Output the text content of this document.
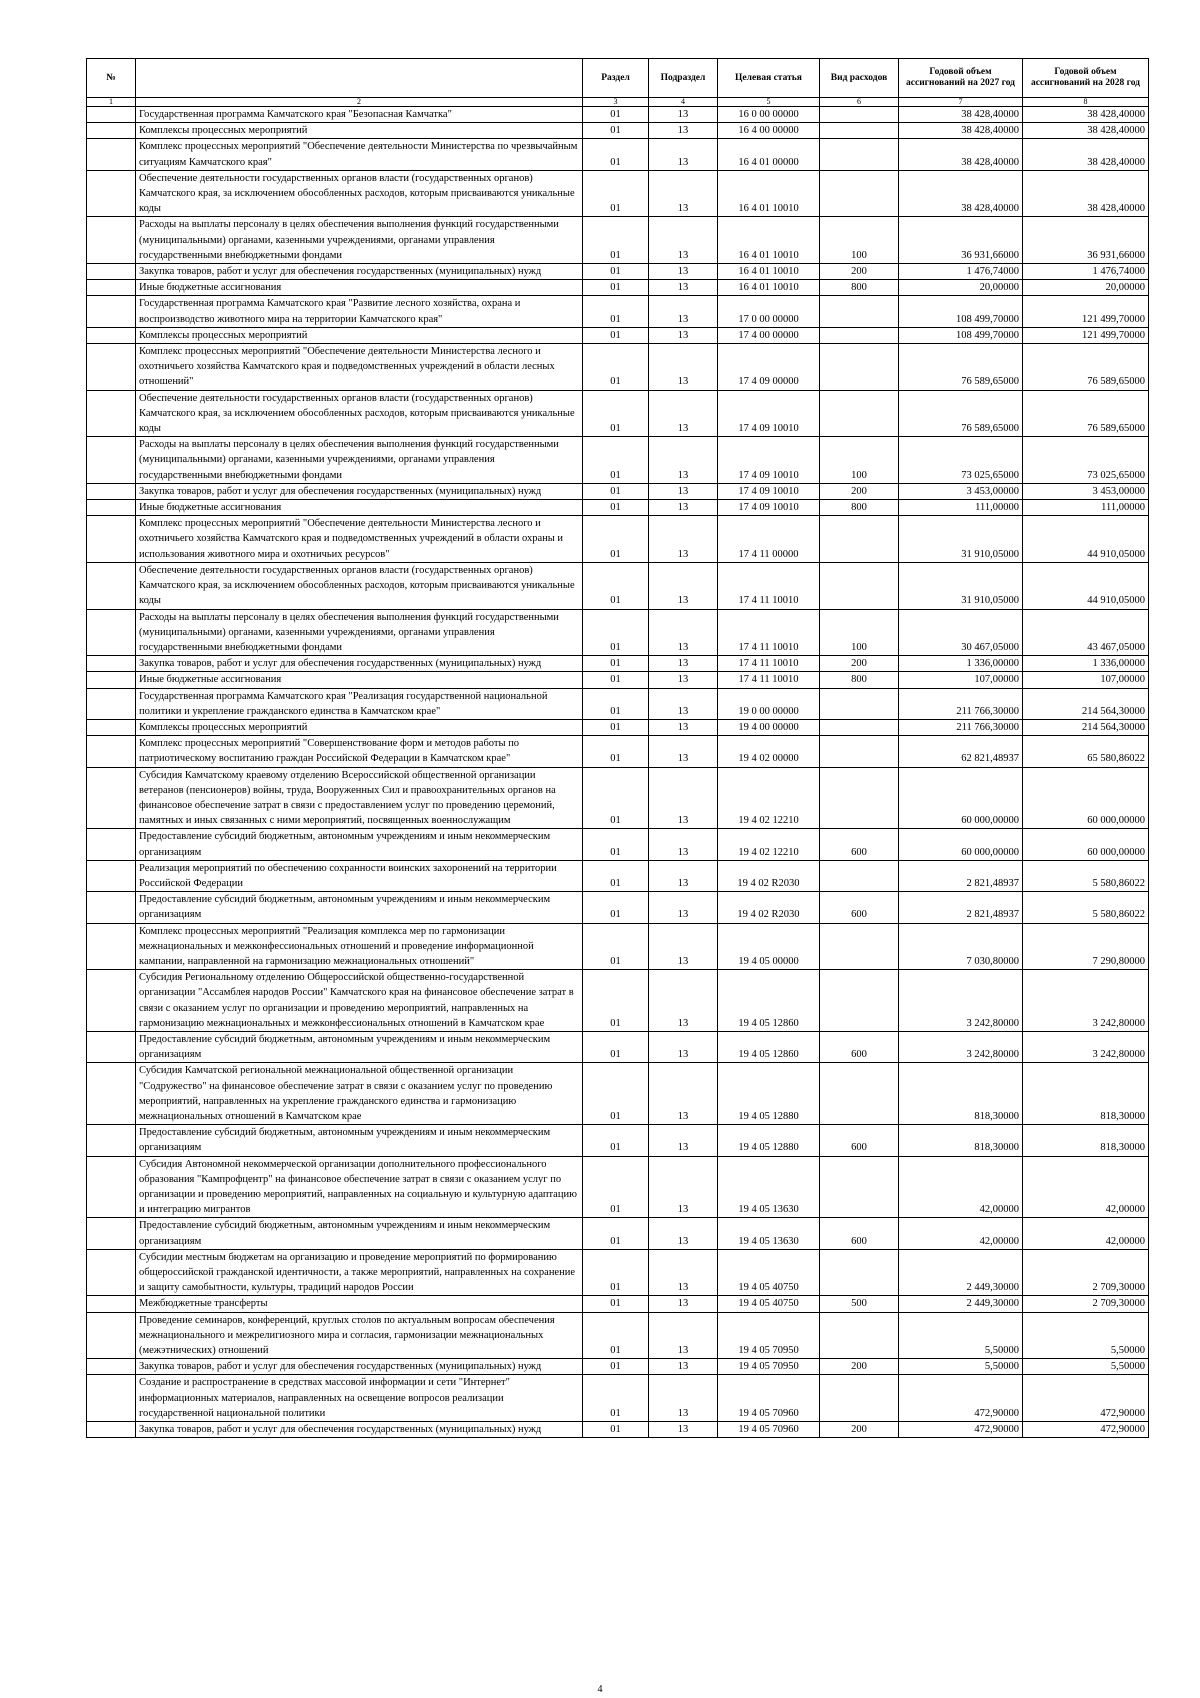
№		Раздел	Подраздел	Целевая статья	Вид расходов	Годовой объем ассигнований на 2027 год	Годовой объем ассигнований на 2028 год
1	2	3	4	5	6	7	8
	Государственная программа Камчатского края "Безопасная Камчатка"	01	13	16 0 00 00000		38 428,40000	38 428,40000
	Комплексы процессных мероприятий	01	13	16 4 00 00000		38 428,40000	38 428,40000
	Комплекс процессных мероприятий "Обеспечение деятельности Министерства по чрезвычайным ситуациям Камчатского края"	01	13	16 4 01 00000		38 428,40000	38 428,40000
	Обеспечение деятельности государственных органов власти (государственных органов) Камчатского края, за исключением обособленных расходов, которым присваиваются уникальные коды	01	13	16 4 01 10010		38 428,40000	38 428,40000
	Расходы на выплаты персоналу в целях обеспечения выполнения функций государственными (муниципальными) органами, казенными учреждениями, органами управления государственными внебюджетными фондами	01	13	16 4 01 10010	100	36 931,66000	36 931,66000
	Закупка товаров, работ и услуг для обеспечения государственных (муниципальных) нужд	01	13	16 4 01 10010	200	1 476,74000	1 476,74000
	Иные бюджетные ассигнования	01	13	16 4 01 10010	800	20,00000	20,00000
	Государственная программа Камчатского края "Развитие лесного хозяйства, охрана и воспроизводство животного мира на территории Камчатского края"	01	13	17 0 00 00000		108 499,70000	121 499,70000
	Комплексы процессных мероприятий	01	13	17 4 00 00000		108 499,70000	121 499,70000
	Комплекс процессных мероприятий "Обеспечение деятельности Министерства лесного и охотничьего хозяйства Камчатского края и подведомственных учреждений в области лесных отношений"	01	13	17 4 09 00000		76 589,65000	76 589,65000
	Обеспечение деятельности государственных органов власти (государственных органов) Камчатского края, за исключением обособленных расходов, которым присваиваются уникальные коды	01	13	17 4 09 10010		76 589,65000	76 589,65000
	Расходы на выплаты персоналу в целях обеспечения выполнения функций государственными (муниципальными) органами, казенными учреждениями, органами управления государственными внебюджетными фондами	01	13	17 4 09 10010	100	73 025,65000	73 025,65000
	Закупка товаров, работ и услуг для обеспечения государственных (муниципальных) нужд	01	13	17 4 09 10010	200	3 453,00000	3 453,00000
	Иные бюджетные ассигнования	01	13	17 4 09 10010	800	111,00000	111,00000
	Комплекс процессных мероприятий "Обеспечение деятельности Министерства лесного и охотничьего хозяйства Камчатского края и подведомственных учреждений в области охраны и использования животного мира и охотничьих ресурсов"	01	13	17 4 11 00000		31 910,05000	44 910,05000
	Обеспечение деятельности государственных органов власти (государственных органов) Камчатского края, за исключением обособленных расходов, которым присваиваются уникальные коды	01	13	17 4 11 10010		31 910,05000	44 910,05000
	Расходы на выплаты персоналу в целях обеспечения выполнения функций государственными (муниципальными) органами, казенными учреждениями, органами управления государственными внебюджетными фондами	01	13	17 4 11 10010	100	30 467,05000	43 467,05000
	Закупка товаров, работ и услуг для обеспечения государственных (муниципальных) нужд	01	13	17 4 11 10010	200	1 336,00000	1 336,00000
	Иные бюджетные ассигнования	01	13	17 4 11 10010	800	107,00000	107,00000
	Государственная программа Камчатского края "Реализация государственной национальной политики и укрепление гражданского единства в Камчатском крае"	01	13	19 0 00 00000		211 766,30000	214 564,30000
	Комплексы процессных мероприятий	01	13	19 4 00 00000		211 766,30000	214 564,30000
	Комплекс процессных мероприятий "Совершенствование форм и методов работы по патриотическому воспитанию граждан Российской Федерации в Камчатском крае"	01	13	19 4 02 00000		62 821,48937	65 580,86022
	Субсидия Камчатскому краевому отделению Всероссийской общественной организации ветеранов (пенсионеров) войны, труда, Вооруженных Сил и правоохранительных органов на финансовое обеспечение затрат в связи с предоставлением услуг по проведению церемоний, памятных и иных связанных с ними мероприятий, посвященных военнослужащим	01	13	19 4 02 12210		60 000,00000	60 000,00000
	Предоставление субсидий бюджетным, автономным учреждениям и иным некоммерческим организациям	01	13	19 4 02 12210	600	60 000,00000	60 000,00000
	Реализация мероприятий по обеспечению сохранности воинских захоронений на территории Российской Федерации	01	13	19 4 02 R2030		2 821,48937	5 580,86022
	Предоставление субсидий бюджетным, автономным учреждениям и иным некоммерческим организациям	01	13	19 4 02 R2030	600	2 821,48937	5 580,86022
	Комплекс процессных мероприятий "Реализация комплекса мер по гармонизации межнациональных и межконфессиональных отношений и проведение информационной кампании, направленной на гармонизацию межнациональных отношений"	01	13	19 4 05 00000		7 030,80000	7 290,80000
	Субсидия Региональному отделению Общероссийской общественно-государственной организации "Ассамблея народов России" Камчатского края на финансовое обеспечение затрат в связи с оказанием услуг по организации и проведению мероприятий, направленных на гармонизацию межнациональных и межконфессиональных отношений в Камчатском крае	01	13	19 4 05 12860		3 242,80000	3 242,80000
	Предоставление субсидий бюджетным, автономным учреждениям и иным некоммерческим организациям	01	13	19 4 05 12860	600	3 242,80000	3 242,80000
	Субсидия Камчатской региональной межнациональной общественной организации "Содружество" на финансовое обеспечение затрат в связи с оказанием услуг по проведению мероприятий, направленных на укрепление гражданского единства и гармонизацию межнациональных отношений в Камчатском крае	01	13	19 4 05 12880		818,30000	818,30000
	Предоставление субсидий бюджетным, автономным учреждениям и иным некоммерческим организациям	01	13	19 4 05 12880	600	818,30000	818,30000
	Субсидия Автономной некоммерческой организации дополнительного профессионального образования "Кампрофцентр" на финансовое обеспечение затрат в связи с оказанием услуг по организации и проведению мероприятий, направленных на социальную и культурную адаптацию и интеграцию мигрантов	01	13	19 4 05 13630		42,00000	42,00000
	Предоставление субсидий бюджетным, автономным учреждениям и иным некоммерческим организациям	01	13	19 4 05 13630	600	42,00000	42,00000
	Субсидии местным бюджетам на организацию и проведение мероприятий по формированию общероссийской гражданской идентичности, а также мероприятий, направленных на сохранение и защиту самобытности, культуры, традиций народов России	01	13	19 4 05 40750		2 449,30000	2 709,30000
	Межбюджетные трансферты	01	13	19 4 05 40750	500	2 449,30000	2 709,30000
	Проведение семинаров, конференций, круглых столов по актуальным вопросам обеспечения межнационального и межрелигиозного мира и согласия, гармонизации межнациональных (межэтнических) отношений	01	13	19 4 05 70950		5,50000	5,50000
	Закупка товаров, работ и услуг для обеспечения государственных (муниципальных) нужд	01	13	19 4 05 70950	200	5,50000	5,50000
	Создание и распространение в средствах массовой информации и сети "Интернет" информационных материалов, направленных на освещение вопросов реализации государственной национальной политики	01	13	19 4 05 70960		472,90000	472,90000
	Закупка товаров, работ и услуг для обеспечения государственных (муниципальных) нужд	01	13	19 4 05 70960	200	472,90000	472,90000
4
